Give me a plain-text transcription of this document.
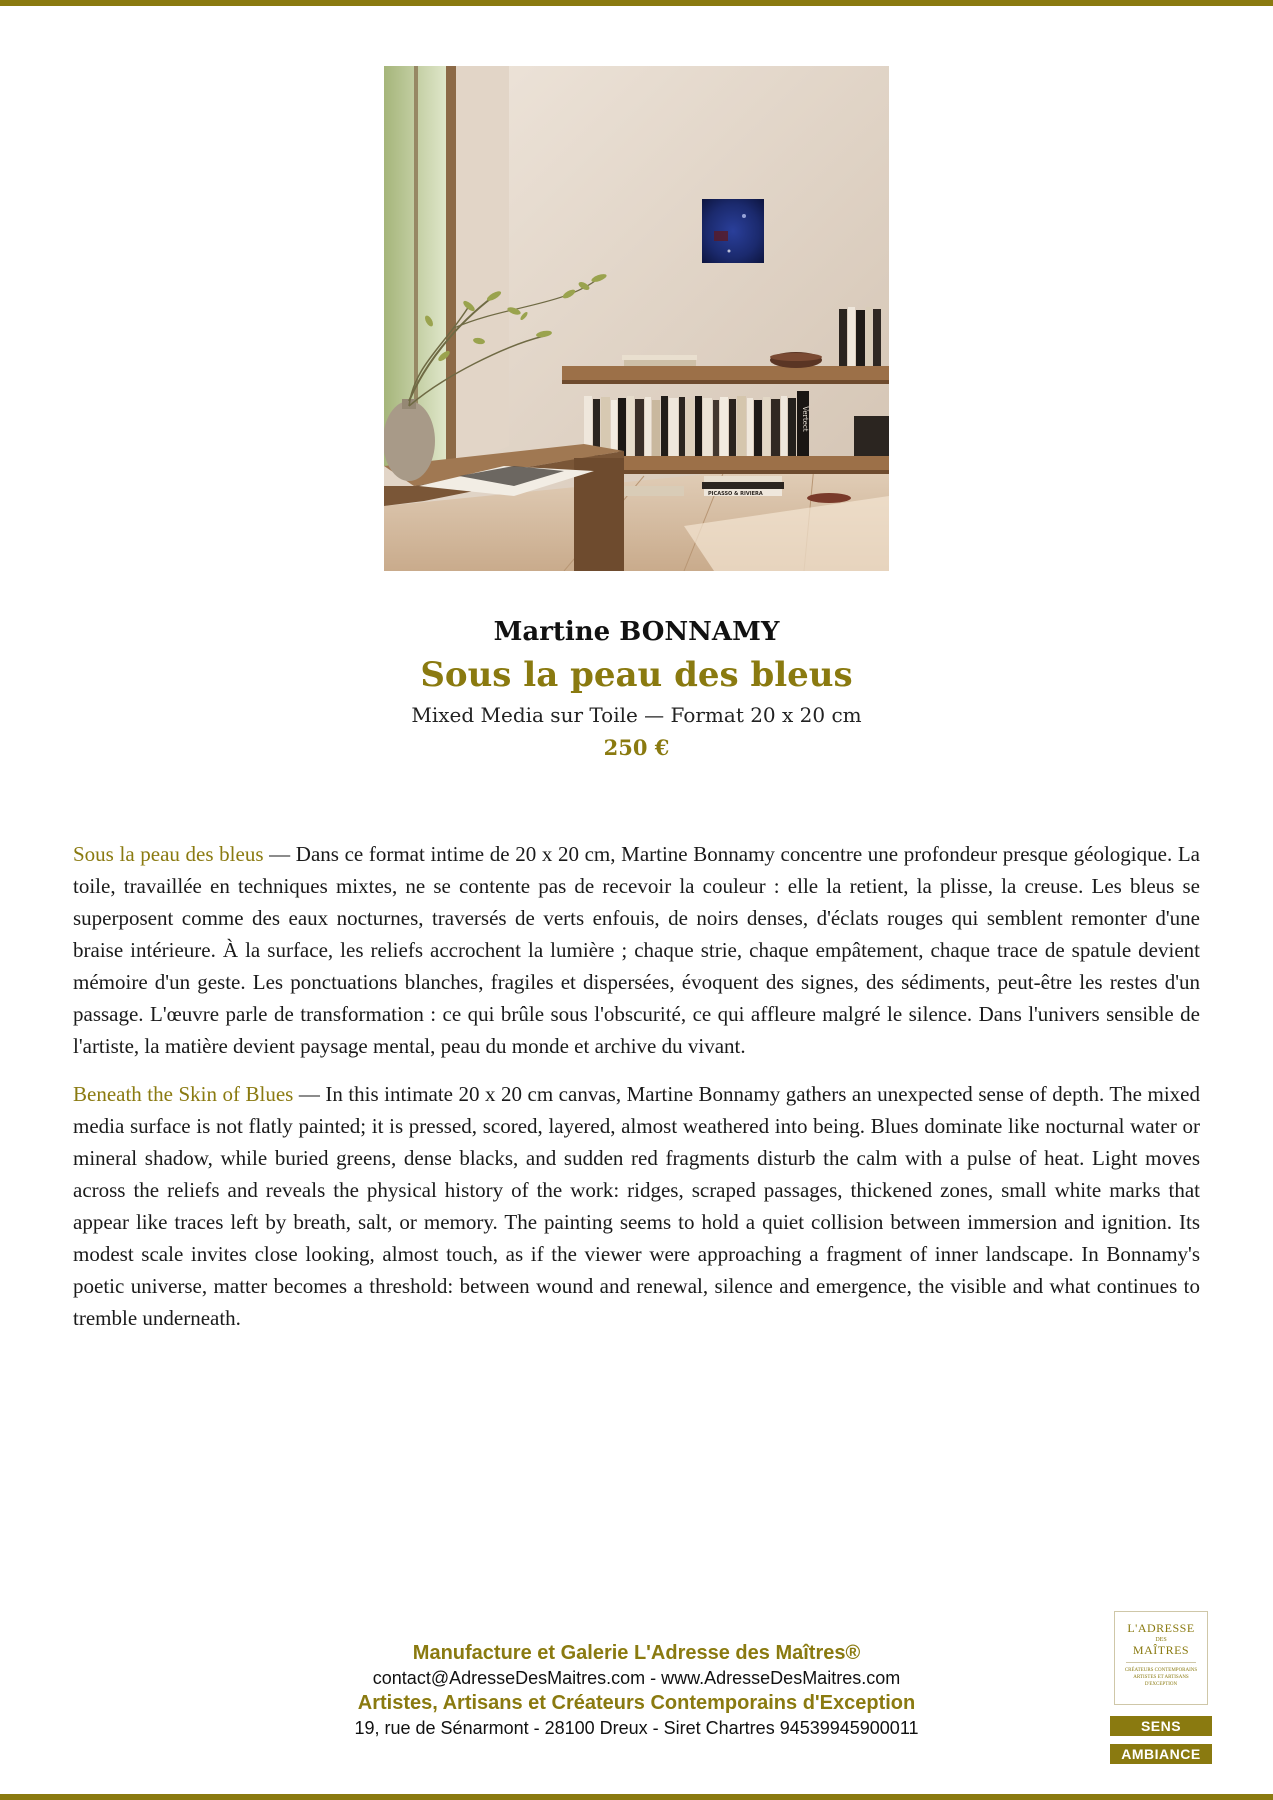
Vertect
PICASSO & RIVIERA
Martine BONNAMY
Sous la peau des bleus
Mixed Media sur Toile — Format 20 x 20 cm
250 €

Sous la peau des bleus — Dans ce format intime de 20 x 20 cm, Martine Bonnamy concentre une profondeur presque géologique. La toile, travaillée en techniques mixtes, ne se contente pas de recevoir la couleur : elle la retient, la plisse, la creuse. Les bleus se superposent comme des eaux nocturnes, traversés de verts enfouis, de noirs denses, d'éclats rouges qui semblent remonter d'une braise intérieure. À la surface, les reliefs accrochent la lumière ; chaque strie, chaque empâtement, chaque trace de spatule devient mémoire d'un geste. Les ponctuations blanches, fragiles et dispersées, évoquent des signes, des sédiments, peut-être les restes d'un passage. L'œuvre parle de transformation : ce qui brûle sous l'obscurité, ce qui affleure malgré le silence. Dans l'univers sensible de l'artiste, la matière devient paysage mental, peau du monde et archive du vivant.

Beneath the Skin of Blues — In this intimate 20 x 20 cm canvas, Martine Bonnamy gathers an unexpected sense of depth. The mixed media surface is not flatly painted; it is pressed, scored, layered, almost weathered into being. Blues dominate like nocturnal water or mineral shadow, while buried greens, dense blacks, and sudden red fragments disturb the calm with a pulse of heat. Light moves across the reliefs and reveals the physical history of the work: ridges, scraped passages, thickened zones, small white marks that appear like traces left by breath, salt, or memory. The painting seems to hold a quiet collision between immersion and ignition. Its modest scale invites close looking, almost touch, as if the viewer were approaching a fragment of inner landscape. In Bonnamy's poetic universe, matter becomes a threshold: between wound and renewal, silence and emergence, the visible and what continues to tremble underneath.

Manufacture et Galerie L'Adresse des Maîtres®
contact@AdresseDesMaitres.com - www.AdresseDesMaitres.com
Artistes, Artisans et Créateurs Contemporains d'Exception
19, rue de Sénarmont - 28100 Dreux - Siret Chartres 94539945900011
L'ADRESSE
DES
MAÎTRES
CRÉATEURS CONTEMPORAINS ARTISTES ET ARTISANS D'EXCEPTION
SENS
AMBIANCE
